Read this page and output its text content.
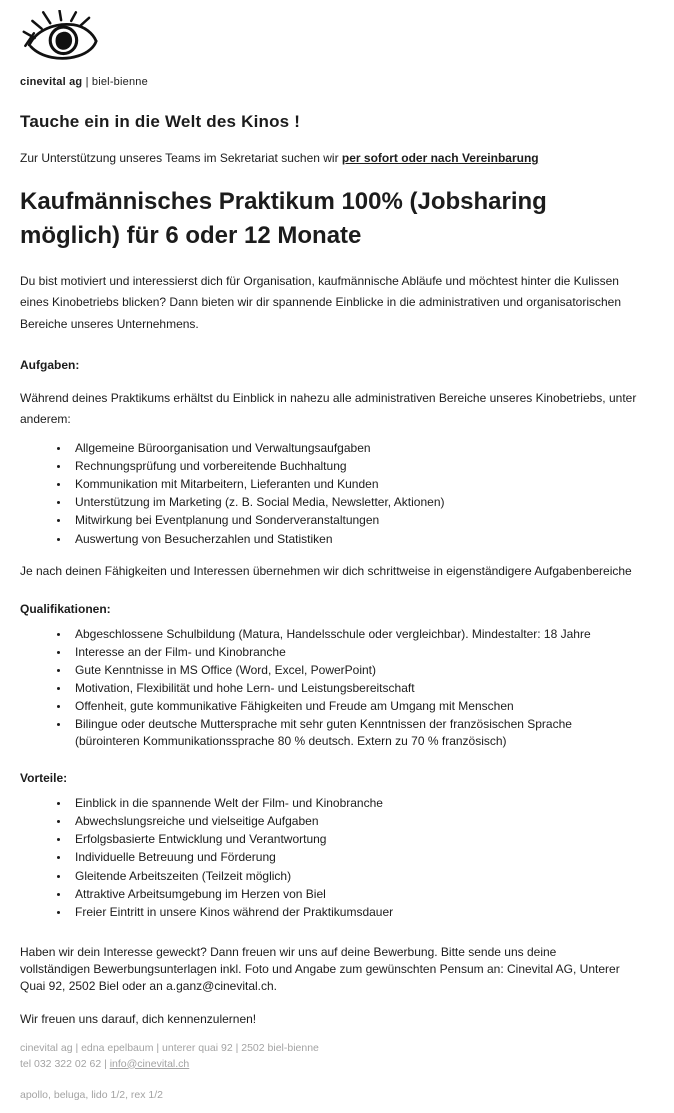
cinevital ag | biel-bienne
Tauche ein in die Welt des Kinos !

Zur Unterstützung unseres Teams im Sekretariat suchen wir per sofort oder nach Vereinbarung

Kaufmännisches Praktikum 100% (Jobsharing möglich) für 6 oder 12 Monate

Du bist motiviert und interessierst dich für Organisation, kaufmännische Abläufe und möchtest hinter die Kulissen eines Kinobetriebs blicken? Dann bieten wir dir spannende Einblicke in die administrativen und organisatorischen Bereiche unseres Unternehmens.

Aufgaben:

Während deines Praktikums erhältst du Einblick in nahezu alle administrativen Bereiche unseres Kinobetriebs, unter anderem:

• Allgemeine Büroorganisation und Verwaltungsaufgaben
• Rechnungsprüfung und vorbereitende Buchhaltung
• Kommunikation mit Mitarbeitern, Lieferanten und Kunden
• Unterstützung im Marketing (z. B. Social Media, Newsletter, Aktionen)
• Mitwirkung bei Eventplanung und Sonderveranstaltungen
• Auswertung von Besucherzahlen und Statistiken

Je nach deinen Fähigkeiten und Interessen übernehmen wir dich schrittweise in eigenständigere Aufgabenbereiche

Qualifikationen:
• Abgeschlossene Schulbildung (Matura, Handelsschule oder vergleichbar). Mindestalter: 18 Jahre
• Interesse an der Film- und Kinobranche
• Gute Kenntnisse in MS Office (Word, Excel, PowerPoint)
• Motivation, Flexibilität und hohe Lern- und Leistungsbereitschaft
• Offenheit, gute kommunikative Fähigkeiten und Freude am Umgang mit Menschen
• Bilingue oder deutsche Muttersprache mit sehr guten Kenntnissen der französischen Sprache (bürointeren Kommunikationssprache 80 % deutsch. Extern zu 70 % französisch)
Vorteile:
• Einblick in die spannende Welt der Film- und Kinobranche
• Abwechslungsreiche und vielseitige Aufgaben
• Erfolgsbasierte Entwicklung und Verantwortung
• Individuelle Betreuung und Förderung
• Gleitende Arbeitszeiten (Teilzeit möglich)
• Attraktive Arbeitsumgebung im Herzen von Biel
• Freier Eintritt in unsere Kinos während der Praktikumsdauer

Haben wir dein Interesse geweckt? Dann freuen wir uns auf deine Bewerbung. Bitte sende uns deine vollständigen Bewerbungsunterlagen inkl. Foto und Angabe zum gewünschten Pensum an: Cinevital AG, Unterer Quai 92, 2502 Biel oder an a.ganz@cinevital.ch.

Wir freuen uns darauf, dich kennenzulernen!

cinevital ag | edna epelbaum | unterer quai 92 | 2502 biel-bienne
tel 032 322 02 62 | info@cinevital.ch
apollo, beluga, lido 1/2, rex 1/2
